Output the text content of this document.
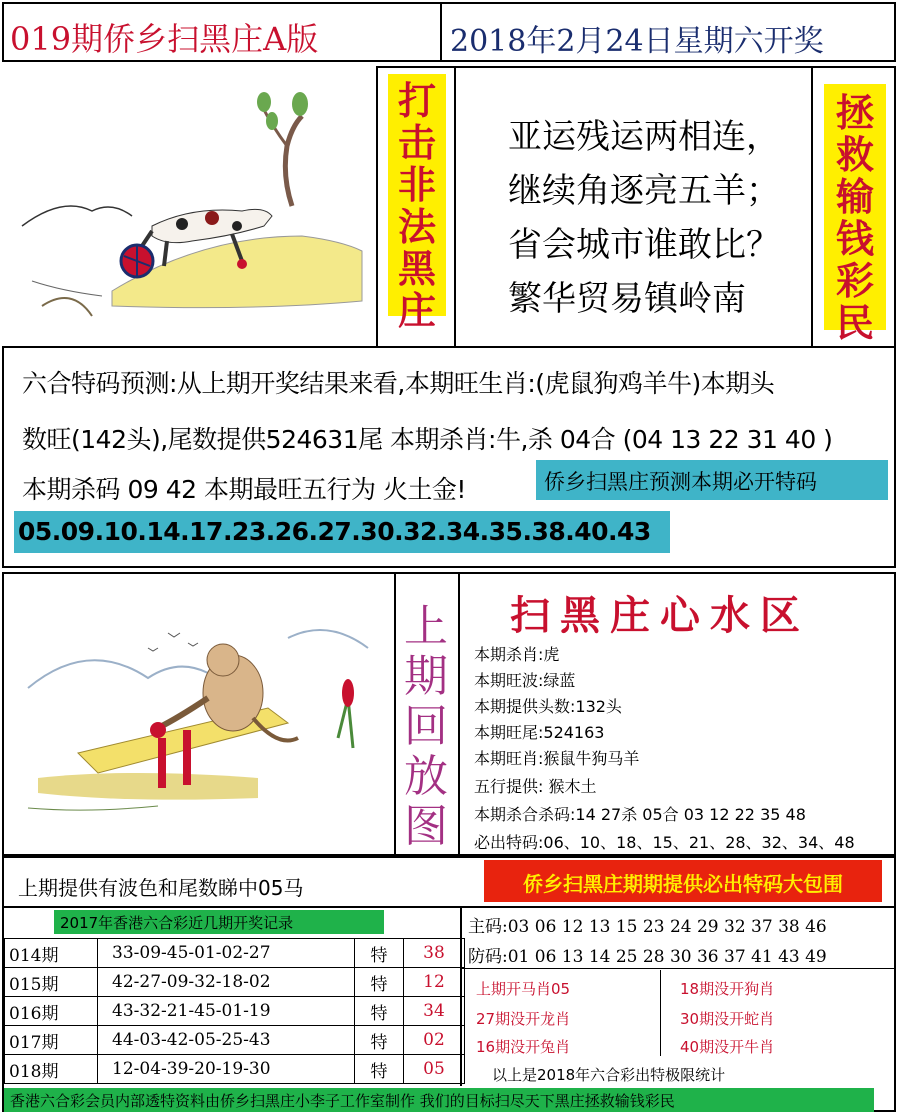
019期侨乡扫黑庄A版	2018年2月24日星期六开奖
打
击
非
法
黑
庄
亚运残运两相连，
继续角逐亮五羊；
省会城市谁敢比？
繁华贸易镇岭南
拯
救
输
钱
彩
民
六合特码预测:从上期开奖结果来看,本期旺生肖:(虎鼠狗鸡羊牛)本期头
数旺(142头),尾数提供524631尾 本期杀肖:牛,杀 04合 (04 13 22 31 40 )
本期杀码 09 42 本期最旺五行为 火土金!	侨乡扫黑庄预测本期必开特码
05.09.10.14.17.23.26.27.30.32.34.35.38.40.43
上
期
回
放
图
扫黑庄心水区
本期杀肖:虎
本期旺波:绿蓝
本期提供头数:132头
本期旺尾:524163
本期旺肖:猴鼠牛狗马羊
五行提供: 猴木土
本期杀合杀码:14 27杀 05合 03 12 22 35 48
必出特码:06、10、18、15、21、28、32、34、48
上期提供有波色和尾数睇中05马	侨乡扫黑庄期期提供必出特码大包围
2017年香港六合彩近几期开奖记录
014期	33-09-45-01-02-27	特	38
015期	42-27-09-32-18-02	特	12
016期	43-32-21-45-01-19	特	34
017期	44-03-42-05-25-43	特	02
018期	12-04-39-20-19-30	特	05
主码:03 06 12 13 15 23 24 29 32 37 38 46
防码:01 06 13 14 25 28 30 36 37 41 43 49
上期开马肖05	18期没开狗肖
27期没开龙肖	30期没开蛇肖
16期没开兔肖	40期没开牛肖
以上是2018年六合彩出特极限统计
香港六合彩会员内部透特资料由侨乡扫黑庄小李子工作室制作 我们的目标扫尽天下黑庄拯救输钱彩民
